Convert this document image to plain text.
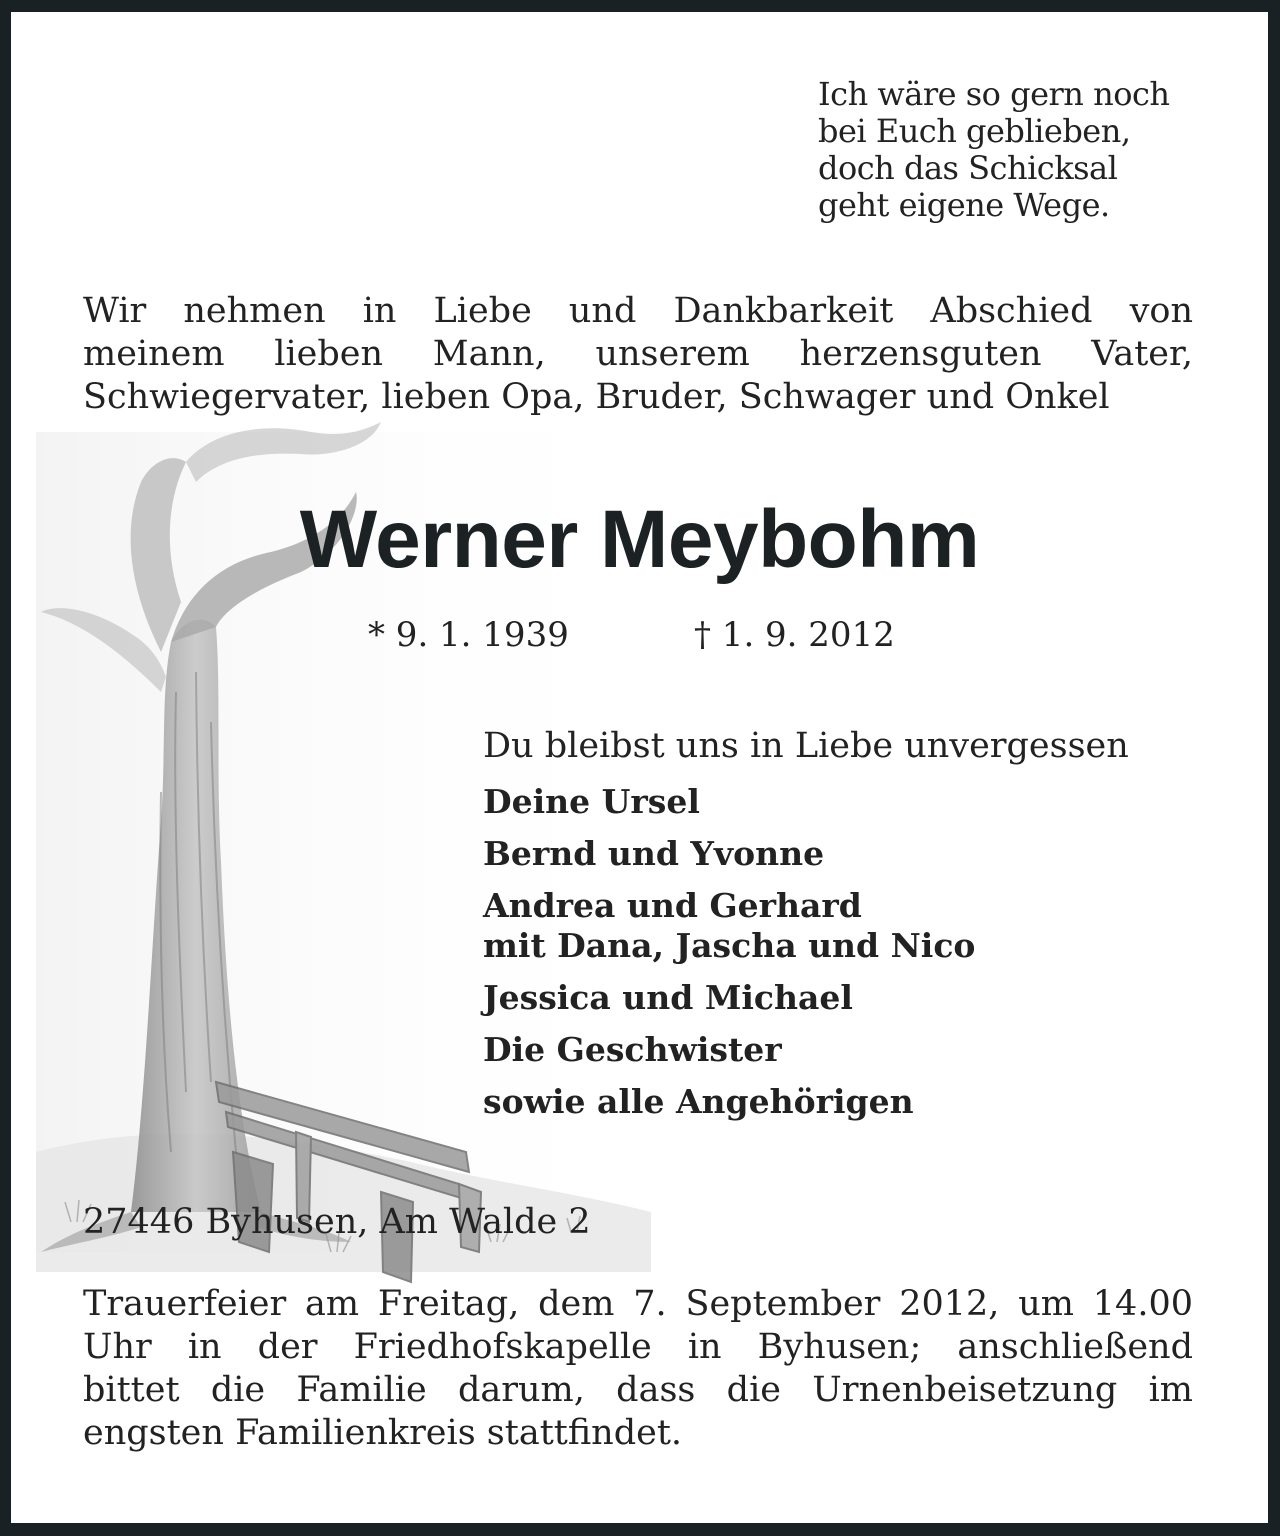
Ich wäre so gern noch
bei Euch geblieben,
doch das Schicksal
geht eigene Wege.

Wir nehmen in Liebe und Dankbarkeit Abschied von
meinem lieben Mann, unserem herzensguten Vater,
Schwiegervater, lieben Opa, Bruder, Schwager und Onkel

Werner Meybohm

* 9. 1. 1939	† 1. 9. 2012

Du bleibst uns in Liebe unvergessen

Deine Ursel
Bernd und Yvonne
Andrea und Gerhard
mit Dana, Jascha und Nico
Jessica und Michael
Die Geschwister
sowie alle Angehörigen

27446 Byhusen, Am Walde 2

Trauerfeier am Freitag, dem 7. September 2012, um 14.00
Uhr in der Friedhofskapelle in Byhusen; anschließend
bittet die Familie darum, dass die Urnenbeisetzung im
engsten Familienkreis stattfindet.
